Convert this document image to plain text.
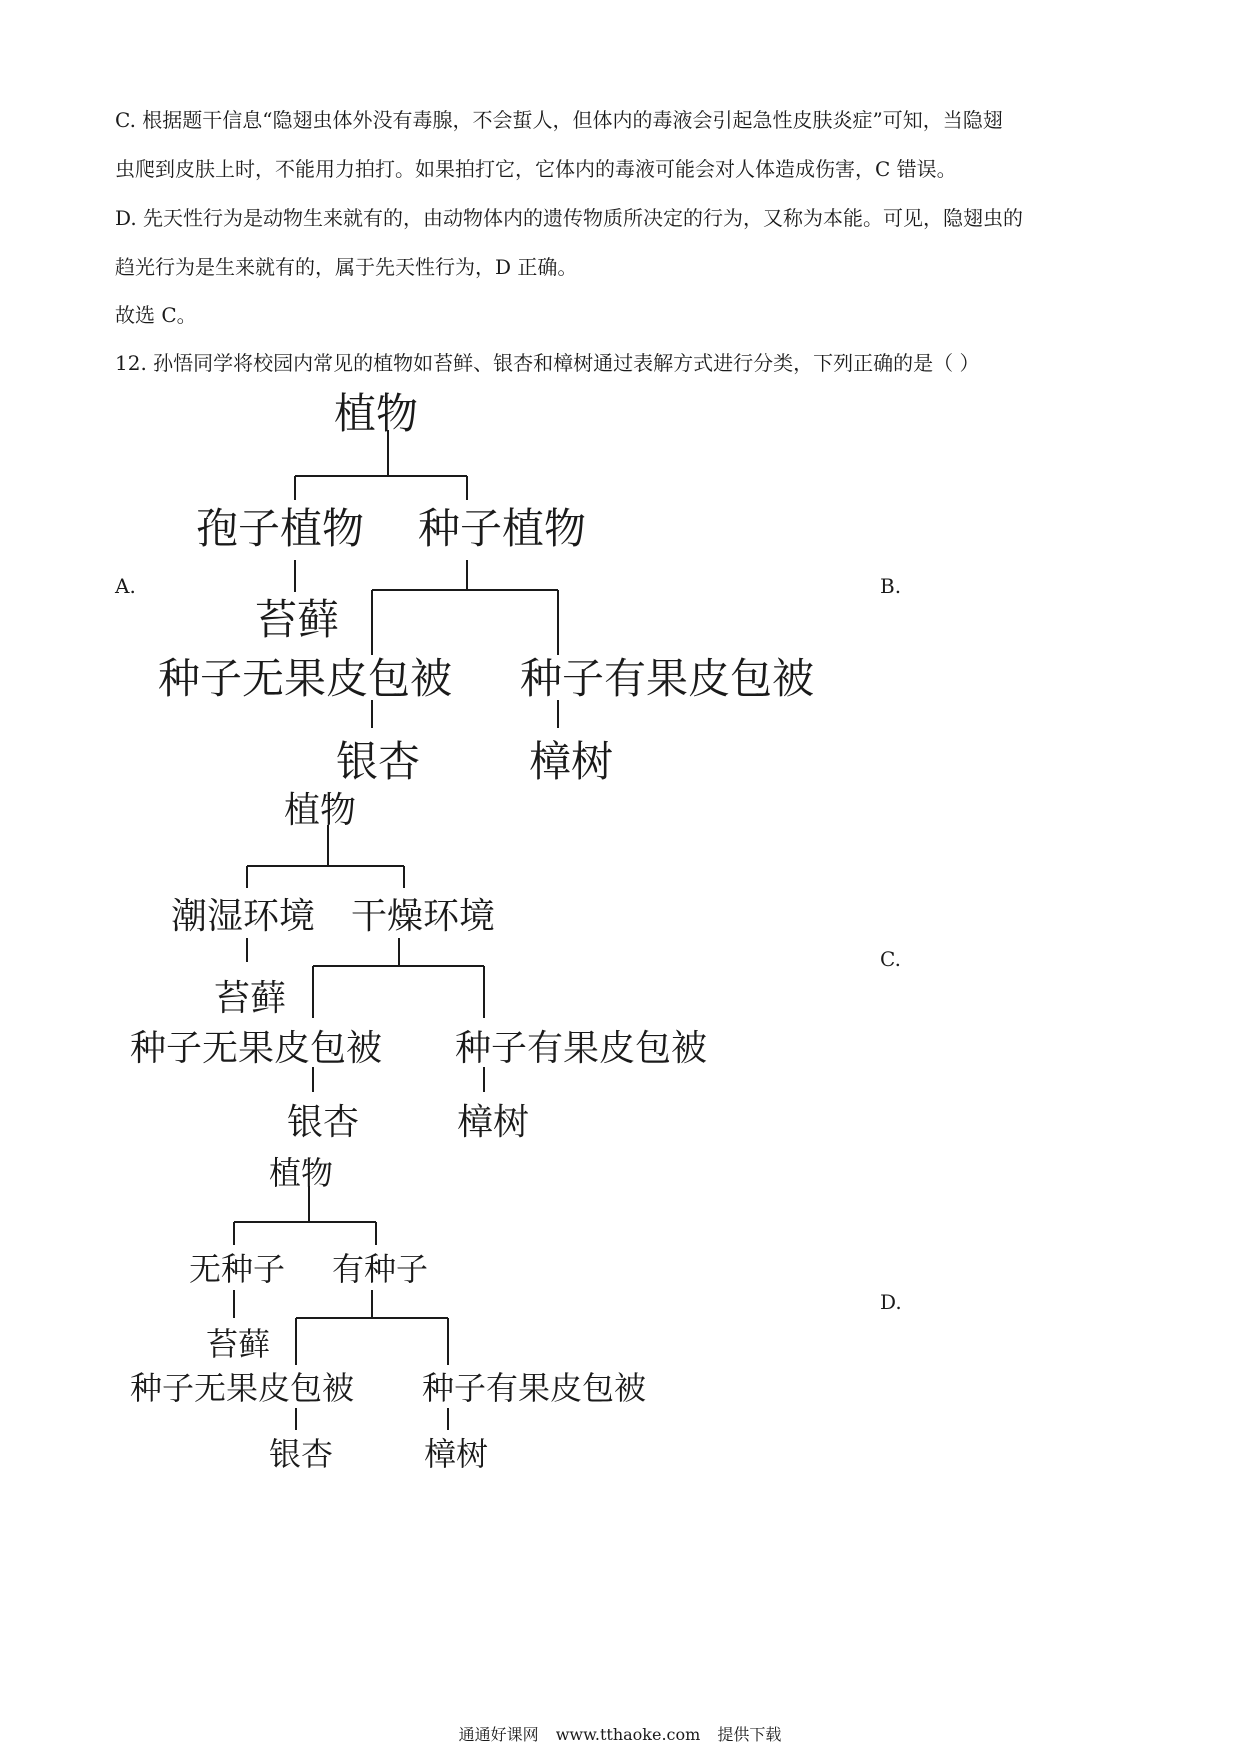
C. 根据题干信息“隐翅虫体外没有毒腺，不会蜇人，但体内的毒液会引起急性皮肤炎症”可知，当隐翅

虫爬到皮肤上时，不能用力拍打。如果拍打它，它体内的毒液可能会对人体造成伤害，C 错误。

D. 先天性行为是动物生来就有的，由动物体内的遗传物质所决定的行为，又称为本能。可见，隐翅虫的

趋光行为是生来就有的，属于先天性行为，D 正确。

故选 C。

12. 孙悟同学将校园内常见的植物如苔鲜、银杏和樟树通过表解方式进行分类，下列正确的是（ ）

A.	B.
C.
D.
植物
孢子植物 种子植物
苔藓
种子无果皮包被 种子有果皮包被
银杏	樟树
植物
潮湿环境 干燥环境
苔藓
种子无果皮包被 种子有果皮包被
银杏	樟树
植物
无种子 有种子
苔藓
种子无果皮包被 种子有果皮包被
银杏	樟树
通通好课网 www.tthaoke.com 提供下载
